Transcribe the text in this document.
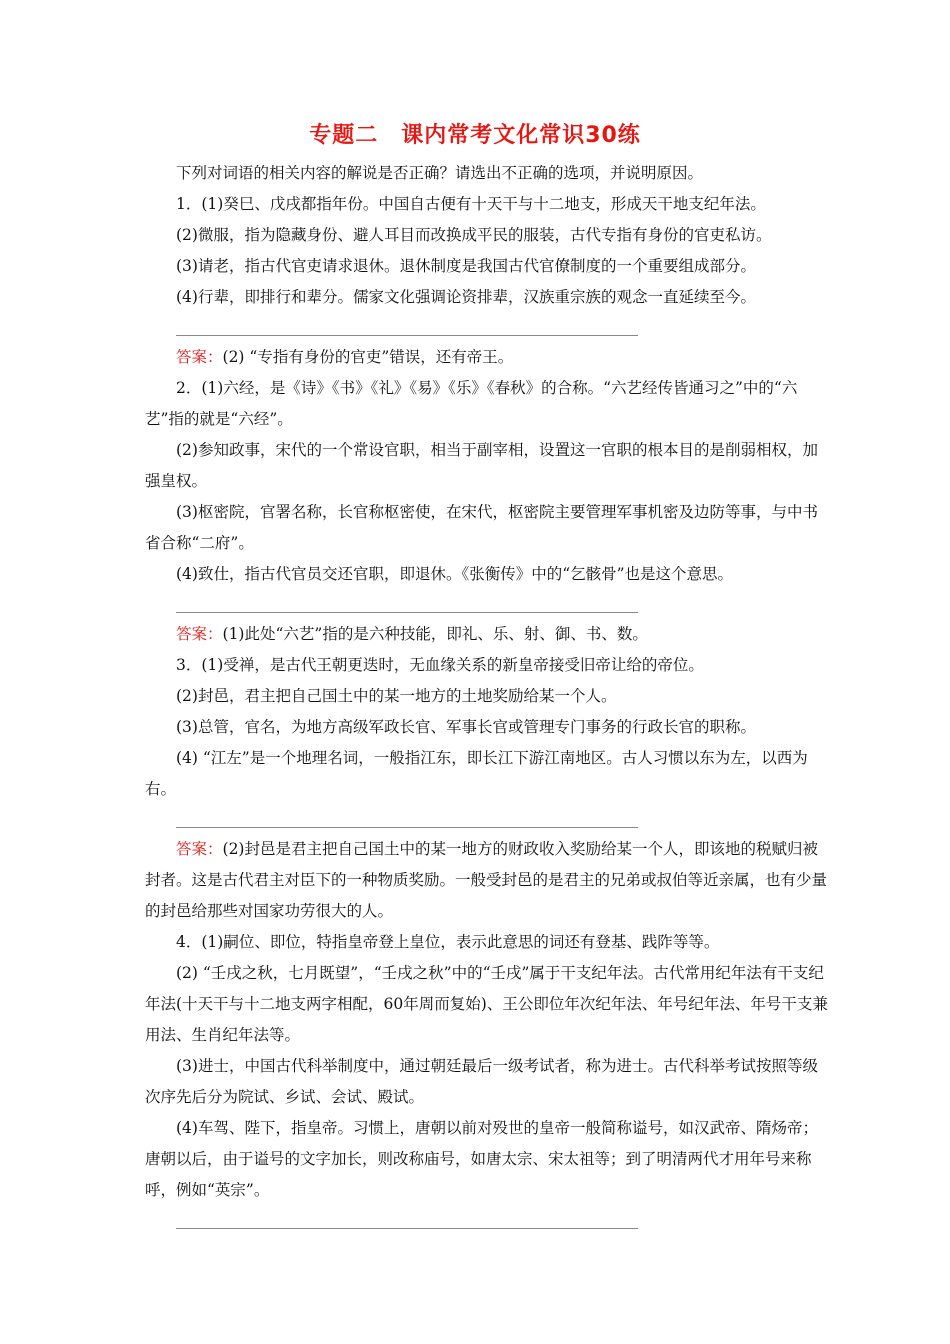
专题二　课内常考文化常识30练

下列对词语的相关内容的解说是否正确？请选出不正确的选项，并说明原因。

1．(1)癸巳、戊戌都指年份。中国自古便有十天干与十二地支，形成天干地支纪年法。

(2)微服，指为隐藏身份、避人耳目而改换成平民的服装，古代专指有身份的官吏私访。

(3)请老，指古代官吏请求退休。退休制度是我国古代官僚制度的一个重要组成部分。

(4)行辈，即排行和辈分。儒家文化强调论资排辈，汉族重宗族的观念一直延续至今。

答案：(2) “专指有身份的官吏”错误，还有帝王。

2．(1)六经，是《诗》《书》《礼》《易》《乐》《春秋》的合称。“六艺经传皆通习之”中的“六艺”指的就是“六经”。

(2)参知政事，宋代的一个常设官职，相当于副宰相，设置这一官职的根本目的是削弱相权，加强皇权。

(3)枢密院，官署名称，长官称枢密使，在宋代，枢密院主要管理军事机密及边防等事，与中书省合称“二府”。

(4)致仕，指古代官员交还官职，即退休。《张衡传》中的“乞骸骨”也是这个意思。

答案：(1)此处“六艺”指的是六种技能，即礼、乐、射、御、书、数。

3．(1)受禅，是古代王朝更迭时，无血缘关系的新皇帝接受旧帝让给的帝位。

(2)封邑，君主把自己国土中的某一地方的土地奖励给某一个人。

(3)总管，官名，为地方高级军政长官、军事长官或管理专门事务的行政长官的职称。

(4) “江左”是一个地理名词，一般指江东，即长江下游江南地区。古人习惯以东为左，以西为右。

答案：(2)封邑是君主把自己国土中的某一地方的财政收入奖励给某一个人，即该地的税赋归被封者。这是古代君主对臣下的一种物质奖励。一般受封邑的是君主的兄弟或叔伯等近亲属，也有少量的封邑给那些对国家功劳很大的人。

4．(1)嗣位、即位，特指皇帝登上皇位，表示此意思的词还有登基、践阼等等。

(2) “壬戌之秋，七月既望”，“壬戌之秋”中的“壬戌”属于干支纪年法。古代常用纪年法有干支纪年法(十天干与十二地支两字相配，60年周而复始)、王公即位年次纪年法、年号纪年法、年号干支兼用法、生肖纪年法等。

(3)进士，中国古代科举制度中，通过朝廷最后一级考试者，称为进士。古代科举考试按照等级次序先后分为院试、乡试、会试、殿试。

(4)车驾、陛下，指皇帝。习惯上，唐朝以前对殁世的皇帝一般简称谥号，如汉武帝、隋炀帝；唐朝以后，由于谥号的文字加长，则改称庙号，如唐太宗、宋太祖等；到了明清两代才用年号来称呼，例如“英宗”。
